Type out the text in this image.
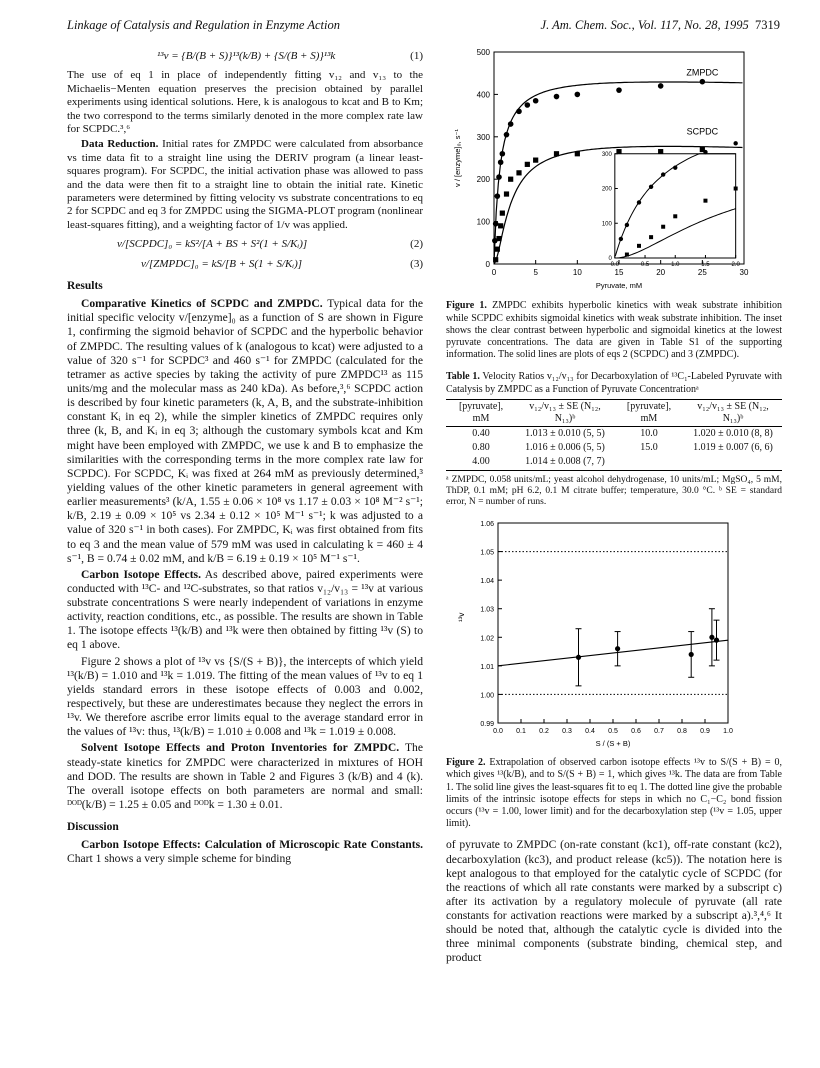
Linkage of Catalysis and Regulation in Enzyme Action	J. Am. Chem. Soc., Vol. 117, No. 28, 1995 7319
¹³v = {B/(B + S)}¹³(k/B) + {S/(B + S)}¹³k	(1)

The use of eq 1 in place of independently fitting v₁₂ and v₁₃ to the Michaelis−Menten equation preserves the precision obtained by parallel experiments using identical solutions. Here, k is analogous to kcat and B to Km; the two correspond to the terms similarly denoted in the more complex rate law for SCPDC.³,⁶

Data Reduction. Initial rates for ZMPDC were calculated from absorbance vs time data fit to a straight line using the DERIV program (a linear least-squares program). For SCPDC, the initial activation phase was allowed to pass and the data were then fit to a straight line to obtain the initial rate. Kinetic parameters were determined by fitting velocity vs substrate concentrations to eq 2 for SCPDC and eq 3 for ZMPDC using the SIGMA-PLOT program (nonlinear least-squares fitting), and a weighting factor of 1/v was applied.

v/[SCPDC]₀ = kS²/[A + BS + S²(1 + S/Kᵢ)]	(2)
v/[ZMPDC]₀ = kS/[B + S(1 + S/Kᵢ)]	(3)
Results

Comparative Kinetics of SCPDC and ZMPDC. Typical data for the initial specific velocity v/[enzyme]₀ as a function of S are shown in Figure 1, confirming the sigmoid behavior of SCPDC and the hyperbolic behavior of ZMPDC. The resulting values of k (analogous to kcat) were adjusted to a value of 320 s⁻¹ for SCPDC³ and 460 s⁻¹ for ZMPDC (calculated for the tetramer as active species by taking the activity of pure ZMPDC¹³ as 115 units/mg and the molecular mass as 240 kDa). As before,³,⁶ SCPDC action is described by four kinetic parameters (k, A, B, and the substrate-inhibition constant Kᵢ in eq 2), while the simpler kinetics of ZMPDC requires only three (k, B, and Kᵢ in eq 3; although the customary symbols kcat and Km might have been employed with ZMPDC, we use k and B to emphasize the similarities with the corresponding terms in the more complex rate law for SCPDC). For SCPDC, Kᵢ was fixed at 264 mM as previously determined,³ yielding values of the other kinetic parameters in general agreement with earlier measurements³ (k/A, 1.55 ± 0.06 × 10⁸ vs 1.17 ± 0.03 × 10⁸ M⁻² s⁻¹; k/B, 2.19 ± 0.09 × 10⁵ vs 2.34 ± 0.12 × 10⁵ M⁻¹ s⁻¹; k was adjusted to a value of 320 s⁻¹ in both cases). For ZMPDC, Kᵢ was first obtained from fits to eq 3 and the mean value of 579 mM was used in calculating k = 460 ± 4 s⁻¹, B = 0.74 ± 0.02 mM, and k/B = 6.19 ± 0.19 × 10⁵ M⁻¹ s⁻¹.

Carbon Isotope Effects. As described above, paired experiments were conducted with ¹³C- and ¹²C-substrates, so that ratios v₁₂/v₁₃ = ¹³v at various substrate concentrations S were nearly independent of variations in enzyme activity, reaction conditions, etc., as possible. The results are shown in Table 1. The isotope effects ¹³(k/B) and ¹³k were then obtained by fitting ¹³v (S) to eq 1 above.

Figure 2 shows a plot of ¹³v vs {S/(S + B)}, the intercepts of which yield ¹³(k/B) = 1.010 and ¹³k = 1.019. The fitting of the mean values of ¹³v to eq 1 yields standard errors in these isotope effects of 0.003 and 0.002, respectively, but these are underestimates because they neglect the errors in ¹³v. We therefore ascribe error limits equal to the average standard error in the values of ¹³v: thus, ¹³(k/B) = 1.010 ± 0.008 and ¹³k = 1.019 ± 0.008.

Solvent Isotope Effects and Proton Inventories for ZMPDC. The steady-state kinetics for ZMPDC were characterized in mixtures of HOH and DOD. The results are shown in Table 2 and Figures 3 (k/B) and 4 (k). The overall isotope effects on both parameters are normal and small: ᴰᴼᴰ(k/B) = 1.25 ± 0.05 and ᴰᴼᴰk = 1.30 ± 0.01.

Discussion

Carbon Isotope Effects: Calculation of Microscopic Rate Constants. Chart 1 shows a very simple scheme for binding

0	5	10	15	20	25	30
0
100
200
300
400
500
Pyruvate, mM
v / [enzyme]₀, s⁻¹
ZMPDC
SCPDC
0.0	0.5	1.0	1.5	2.0
0
100
200
300
Figure 1. ZMPDC exhibits hyperbolic kinetics with weak substrate inhibition while SCPDC exhibits sigmoidal kinetics with weak substrate inhibition. The inset shows the clear contrast between hyperbolic and sigmoidal kinetics at the lowest pyruvate concentrations. The data are given in Table S1 of the supporting information. The solid lines are plots of eqs 2 (SCPDC) and 3 (ZMPDC).
Table 1. Velocity Ratios v₁₂/v₁₃ for Decarboxylation of ¹³C₁-Labeled Pyruvate with Catalysis by ZMPDC as a Function of Pyruvate Concentrationᵃ
[pyruvate], mM	v₁₂/v₁₃ ± SE (N₁₂, N₁₃)ᵇ	[pyruvate], mM	v₁₂/v₁₃ ± SE (N₁₂, N₁₃)ᵇ
0.40	1.013 ± 0.010 (5, 5)	10.0	1.020 ± 0.010 (8, 8)
0.80	1.016 ± 0.006 (5, 5)	15.0	1.019 ± 0.007 (6, 6)
4.00	1.014 ± 0.008 (7, 7)		
ᵃ ZMPDC, 0.058 units/mL; yeast alcohol dehydrogenase, 10 units/mL; MgSO₄, 5 mM, ThDP, 0.1 mM; pH 6.2, 0.1 M citrate buffer; temperature, 30.0 °C. ᵇ SE = standard error, N = number of runs.
0.0 0.1 0.2 0.3 0.4 0.5 0.6 0.7 0.8 0.9 1.0
0.99
1.00
1.01
1.02
1.03
1.04
1.05
1.06
S / (S + B)
¹³v
Figure 2. Extrapolation of observed carbon isotope effects ¹³v to S/(S + B) = 0, which gives ¹³(k/B), and to S/(S + B) = 1, which gives ¹³k. The data are from Table 1. The solid line gives the least-squares fit to eq 1. The dotted line give the probable limits of the intrinsic isotope effects for steps in which no C₁−C₂ bond fission occurs (¹³v = 1.00, lower limit) and for the decarboxylation step (¹³v = 1.05, upper limit).

of pyruvate to ZMPDC (on-rate constant (kc1), off-rate constant (kc2), decarboxylation (kc3), and product release (kc5)). The notation here is kept analogous to that employed for the catalytic cycle of SCPDC (for the reactions of which all rate constants were marked by a subscript c) after its activation by a regulatory molecule of pyruvate (all rate constants for activation reactions were marked by a subscript a).³,⁴,⁶ It should be noted that, although the catalytic cycle is divided into the three minimal components (substrate binding, chemical step, and product
